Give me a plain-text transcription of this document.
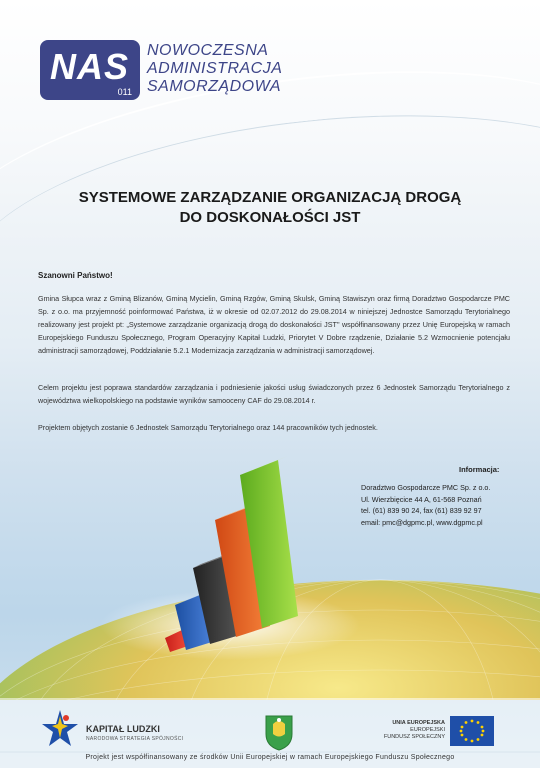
NAS
011
NOWOCZESNA
ADMINISTRACJA
SAMORZĄDOWA
SYSTEMOWE ZARZĄDZANIE ORGANIZACJĄ DROGĄ
DO DOSKONAŁOŚCI JST
Szanowni Państwo!
Gmina Słupca wraz z Gminą Blizanów, Gminą Mycielin, Gminą Rzgów, Gminą Skulsk, Gminą Stawiszyn oraz firmą Doradztwo Gospodarcze PMC Sp. z o.o. ma przyjemność poinformować Państwa, iż w okresie od 02.07.2012 do 29.08.2014 w niniejszej Jednostce Samorządu Terytorialnego realizowany jest projekt pt: „Systemowe zarządzanie organizacją drogą do doskonałości JST" współfinansowany przez Unię Europejską w ramach Europejskiego Funduszu Społecznego, Program Operacyjny Kapitał Ludzki, Priorytet V Dobre rządzenie, Działanie 5.2 Wzmocnienie potencjału administracji samorządowej, Poddziałanie 5.2.1 Modernizacja zarządzania w administracji samorządowej.
Celem projektu jest poprawa standardów zarządzania i podniesienie jakości usług świadczonych przez 6 Jednostek Samorządu Terytorialnego z województwa wielkopolskiego na podstawie wyników samooceny CAF do 29.08.2014 r.
Projektem objętych zostanie 6 Jednostek Samorządu Terytorialnego oraz 144 pracowników tych jednostek.
Informacja:
Doradztwo Gospodarcze PMC Sp. z o.o.
Ul. Wierzbięcice 44 A, 61-568 Poznań
tel. (61) 839 90 24, fax (61) 839 92 97
email: pmc@dgpmc.pl, www.dgpmc.pl
KAPITAŁ LUDZKI
NARODOWA STRATEGIA SPÓJNOŚCI
UNIA EUROPEJSKA
EUROPEJSKI
FUNDUSZ SPOŁECZNY
Projekt jest współfinansowany ze środków Unii Europejskiej w ramach Europejskiego Funduszu Społecznego
